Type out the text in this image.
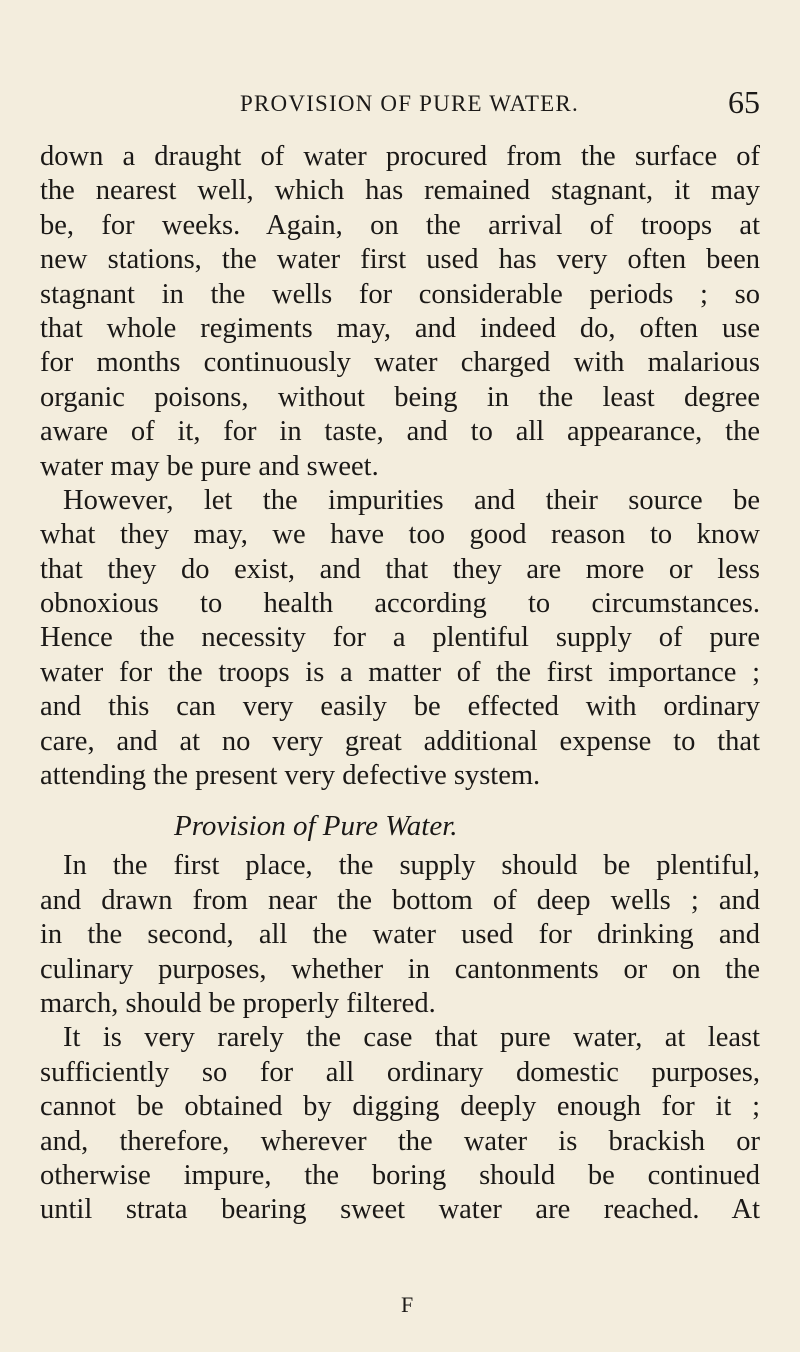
PROVISION OF PURE WATER.	65
down a draught of water procured from the surface of
the nearest well, which has remained stagnant, it may
be, for weeks. Again, on the arrival of troops at
new stations, the water first used has very often been
stagnant in the wells for considerable periods ; so
that whole regiments may, and indeed do, often use
for months continuously water charged with malarious
organic poisons, without being in the least degree
aware of it, for in taste, and to all appearance, the
water may be pure and sweet.
However, let the impurities and their source be
what they may, we have too good reason to know
that they do exist, and that they are more or less
obnoxious to health according to circumstances.
Hence the necessity for a plentiful supply of pure
water for the troops is a matter of the first importance ;
and this can very easily be effected with ordinary
care, and at no very great additional expense to that
attending the present very defective system.
Provision of Pure Water.
In the first place, the supply should be plentiful,
and drawn from near the bottom of deep wells ; and
in the second, all the water used for drinking and
culinary purposes, whether in cantonments or on the
march, should be properly filtered.
It is very rarely the case that pure water, at least
sufficiently so for all ordinary domestic purposes,
cannot be obtained by digging deeply enough for it ;
and, therefore, wherever the water is brackish or
otherwise impure, the boring should be continued
until strata bearing sweet water are reached. At
F
